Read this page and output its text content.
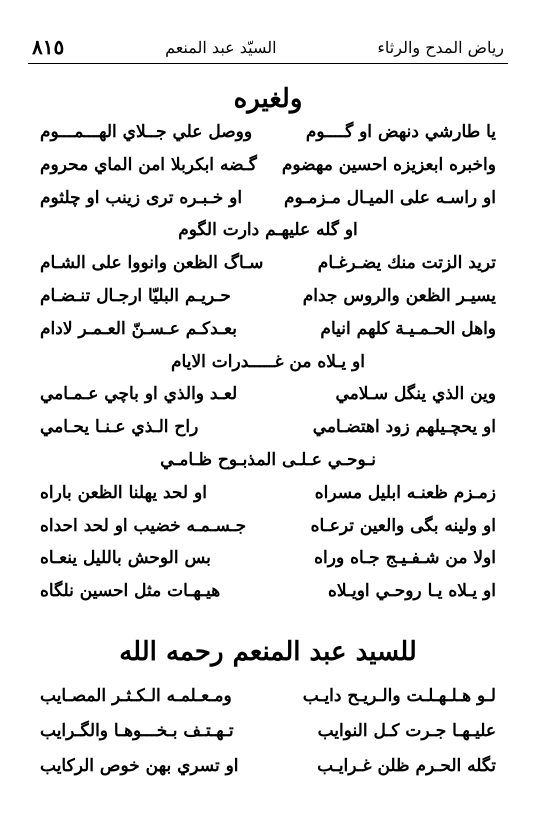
رياض المدح والرثاء
السيّد عبد المنعم
٨١٥
ولغيره
يا طارشي دنهض او گــــوم
ووصل علي جــلاي الهـــمـــوم
واخبره ابعزيزه احسين مهضوم
گـضه ابكربلا امن الماي محروم
او راسـه على الميـال مـزمـوم
او خـبـره ترى زينب او چلثوم
او گله عليهـم دارت الگوم
تريد الزتت منك يضـرغـام
سـاگ الظعن وانووا على الشـام
يسيـر الظعن والروس جدام
حـريـم البليّا ارجـال تنـضـام
واهل الحـمـيـة كلهم انيام
بعـدكـم عـسـنّ العـمـر لادام
او يـلاه من غـــــدرات الايام
وين الذي ينگل سـلامي
لعـد والذي او باچي عـمـامي
او يحچـيلهم زود اهتضـامي
راح الـذي عـنـا يحـامي
نـوحـي عـلـى المذبـوح ظـامـي
زمـزم ظعنـه ابليل مسراه
او لحد يهلنا الظعن باراه
او ولينه بگى والعين ترعـاه
جـسـمـه خضيب او لحد احداه
اولا من شـفـيـج جـاه وراه
بس الوحش بالليل ينعـاه
او يـلاه يـا روحـي اويـلاه
هيـهـات مثل احسين نلگاه
للسيد عبد المنعم رحمه الله
لـو هـلـهـلـت والـريـح دايـب
ومـعـلمـه الـكـثـر المصـايب
عليـهـا جـرت كـل النوايب
تـهـتـف بـخـــوهـا والگـرايب
تگله الحـرم ظلن غـرايـب
او تسري بهن خوص الركايب
